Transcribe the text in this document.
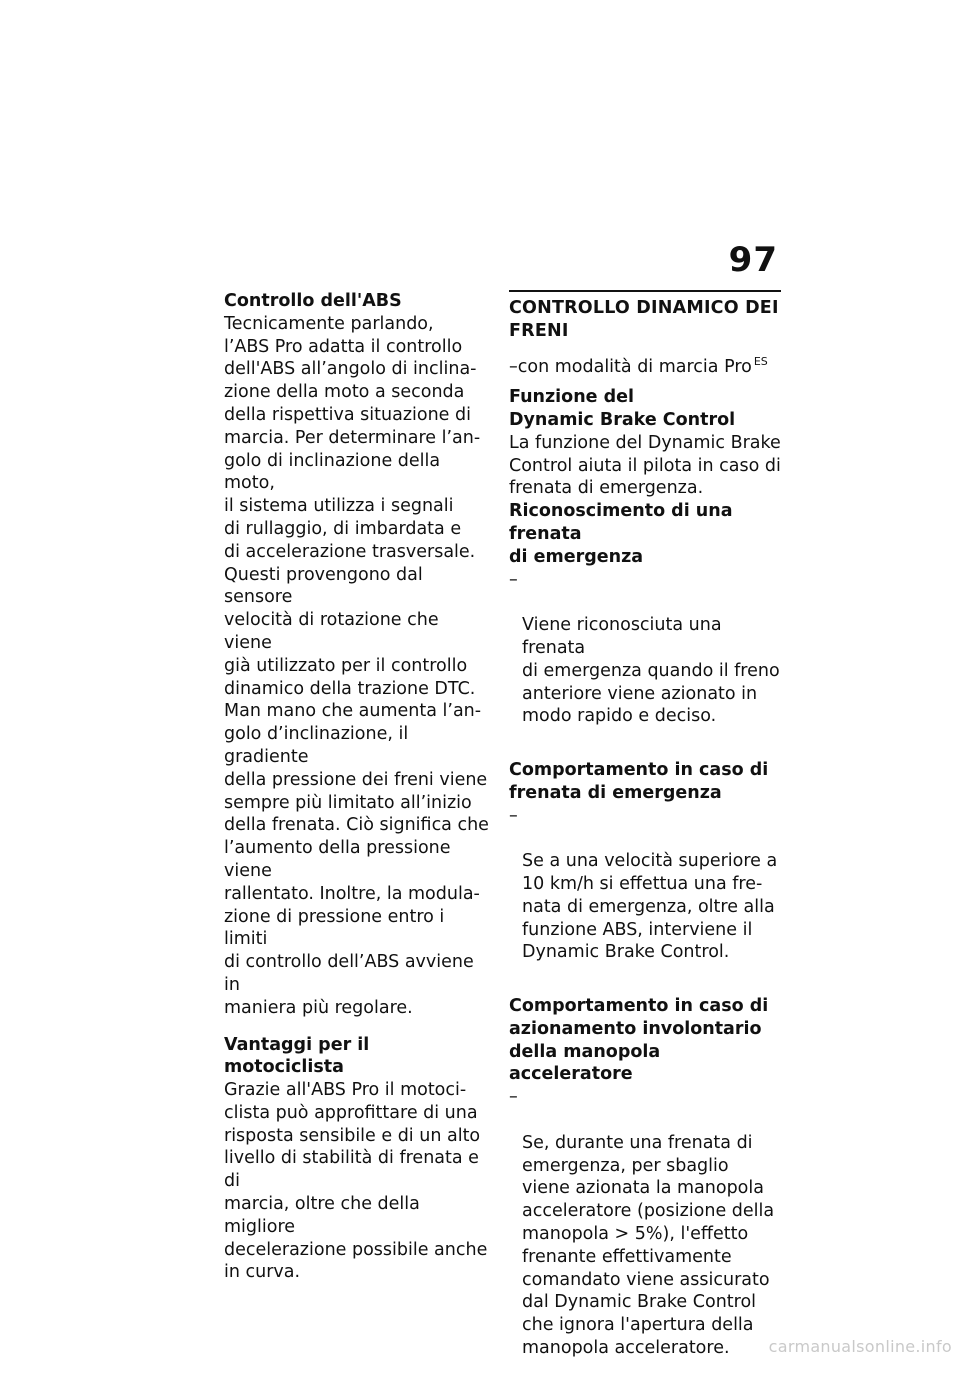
97

Controllo dell'ABS

Tecnicamente parlando,
l’ABS Pro adatta il controllo
dell'ABS all’angolo di inclina-
zione della moto a seconda
della rispettiva situazione di
marcia. Per determinare l’an-
golo di inclinazione della moto,
il sistema utilizza i segnali
di rullaggio, di imbardata e
di accelerazione trasversale.
Questi provengono dal sensore
velocità di rotazione che viene
già utilizzato per il controllo
dinamico della trazione DTC.
Man mano che aumenta l’an-
golo d’inclinazione, il gradiente
della pressione dei freni viene
sempre più limitato all’inizio
della frenata. Ciò significa che
l’aumento della pressione viene
rallentato. Inoltre, la modula-
zione di pressione entro i limiti
di controllo dell’ABS avviene in
maniera più regolare.

Vantaggi per il motociclista

Grazie all'ABS Pro il motoci-
clista può approfittare di una
risposta sensibile e di un alto
livello di stabilità di frenata e di
marcia, oltre che della migliore
decelerazione possibile anche
in curva.

CONTROLLO DINAMICO DEI
FRENI
–con modalità di marcia Pro $^{ES}$

Funzione del
Dynamic Brake Control

La funzione del Dynamic Brake
Control aiuta il pilota in caso di
frenata di emergenza.

Riconoscimento di una frenata
di emergenza

–

Viene riconosciuta una frenata
di emergenza quando il freno
anteriore viene azionato in
modo rapido e deciso.

Comportamento in caso di
frenata di emergenza

–

Se a una velocità superiore a
10 km/h si effettua una fre-
nata di emergenza, oltre alla
funzione ABS, interviene il
Dynamic Brake Control.

Comportamento in caso di
azionamento involontario
della manopola acceleratore

–

Se, durante una frenata di
emergenza, per sbaglio
viene azionata la manopola
acceleratore (posizione della
manopola > 5%), l'effetto
frenante effettivamente
comandato viene assicurato
dal Dynamic Brake Control
che ignora l'apertura della
manopola acceleratore.	carmanualsonline.info
